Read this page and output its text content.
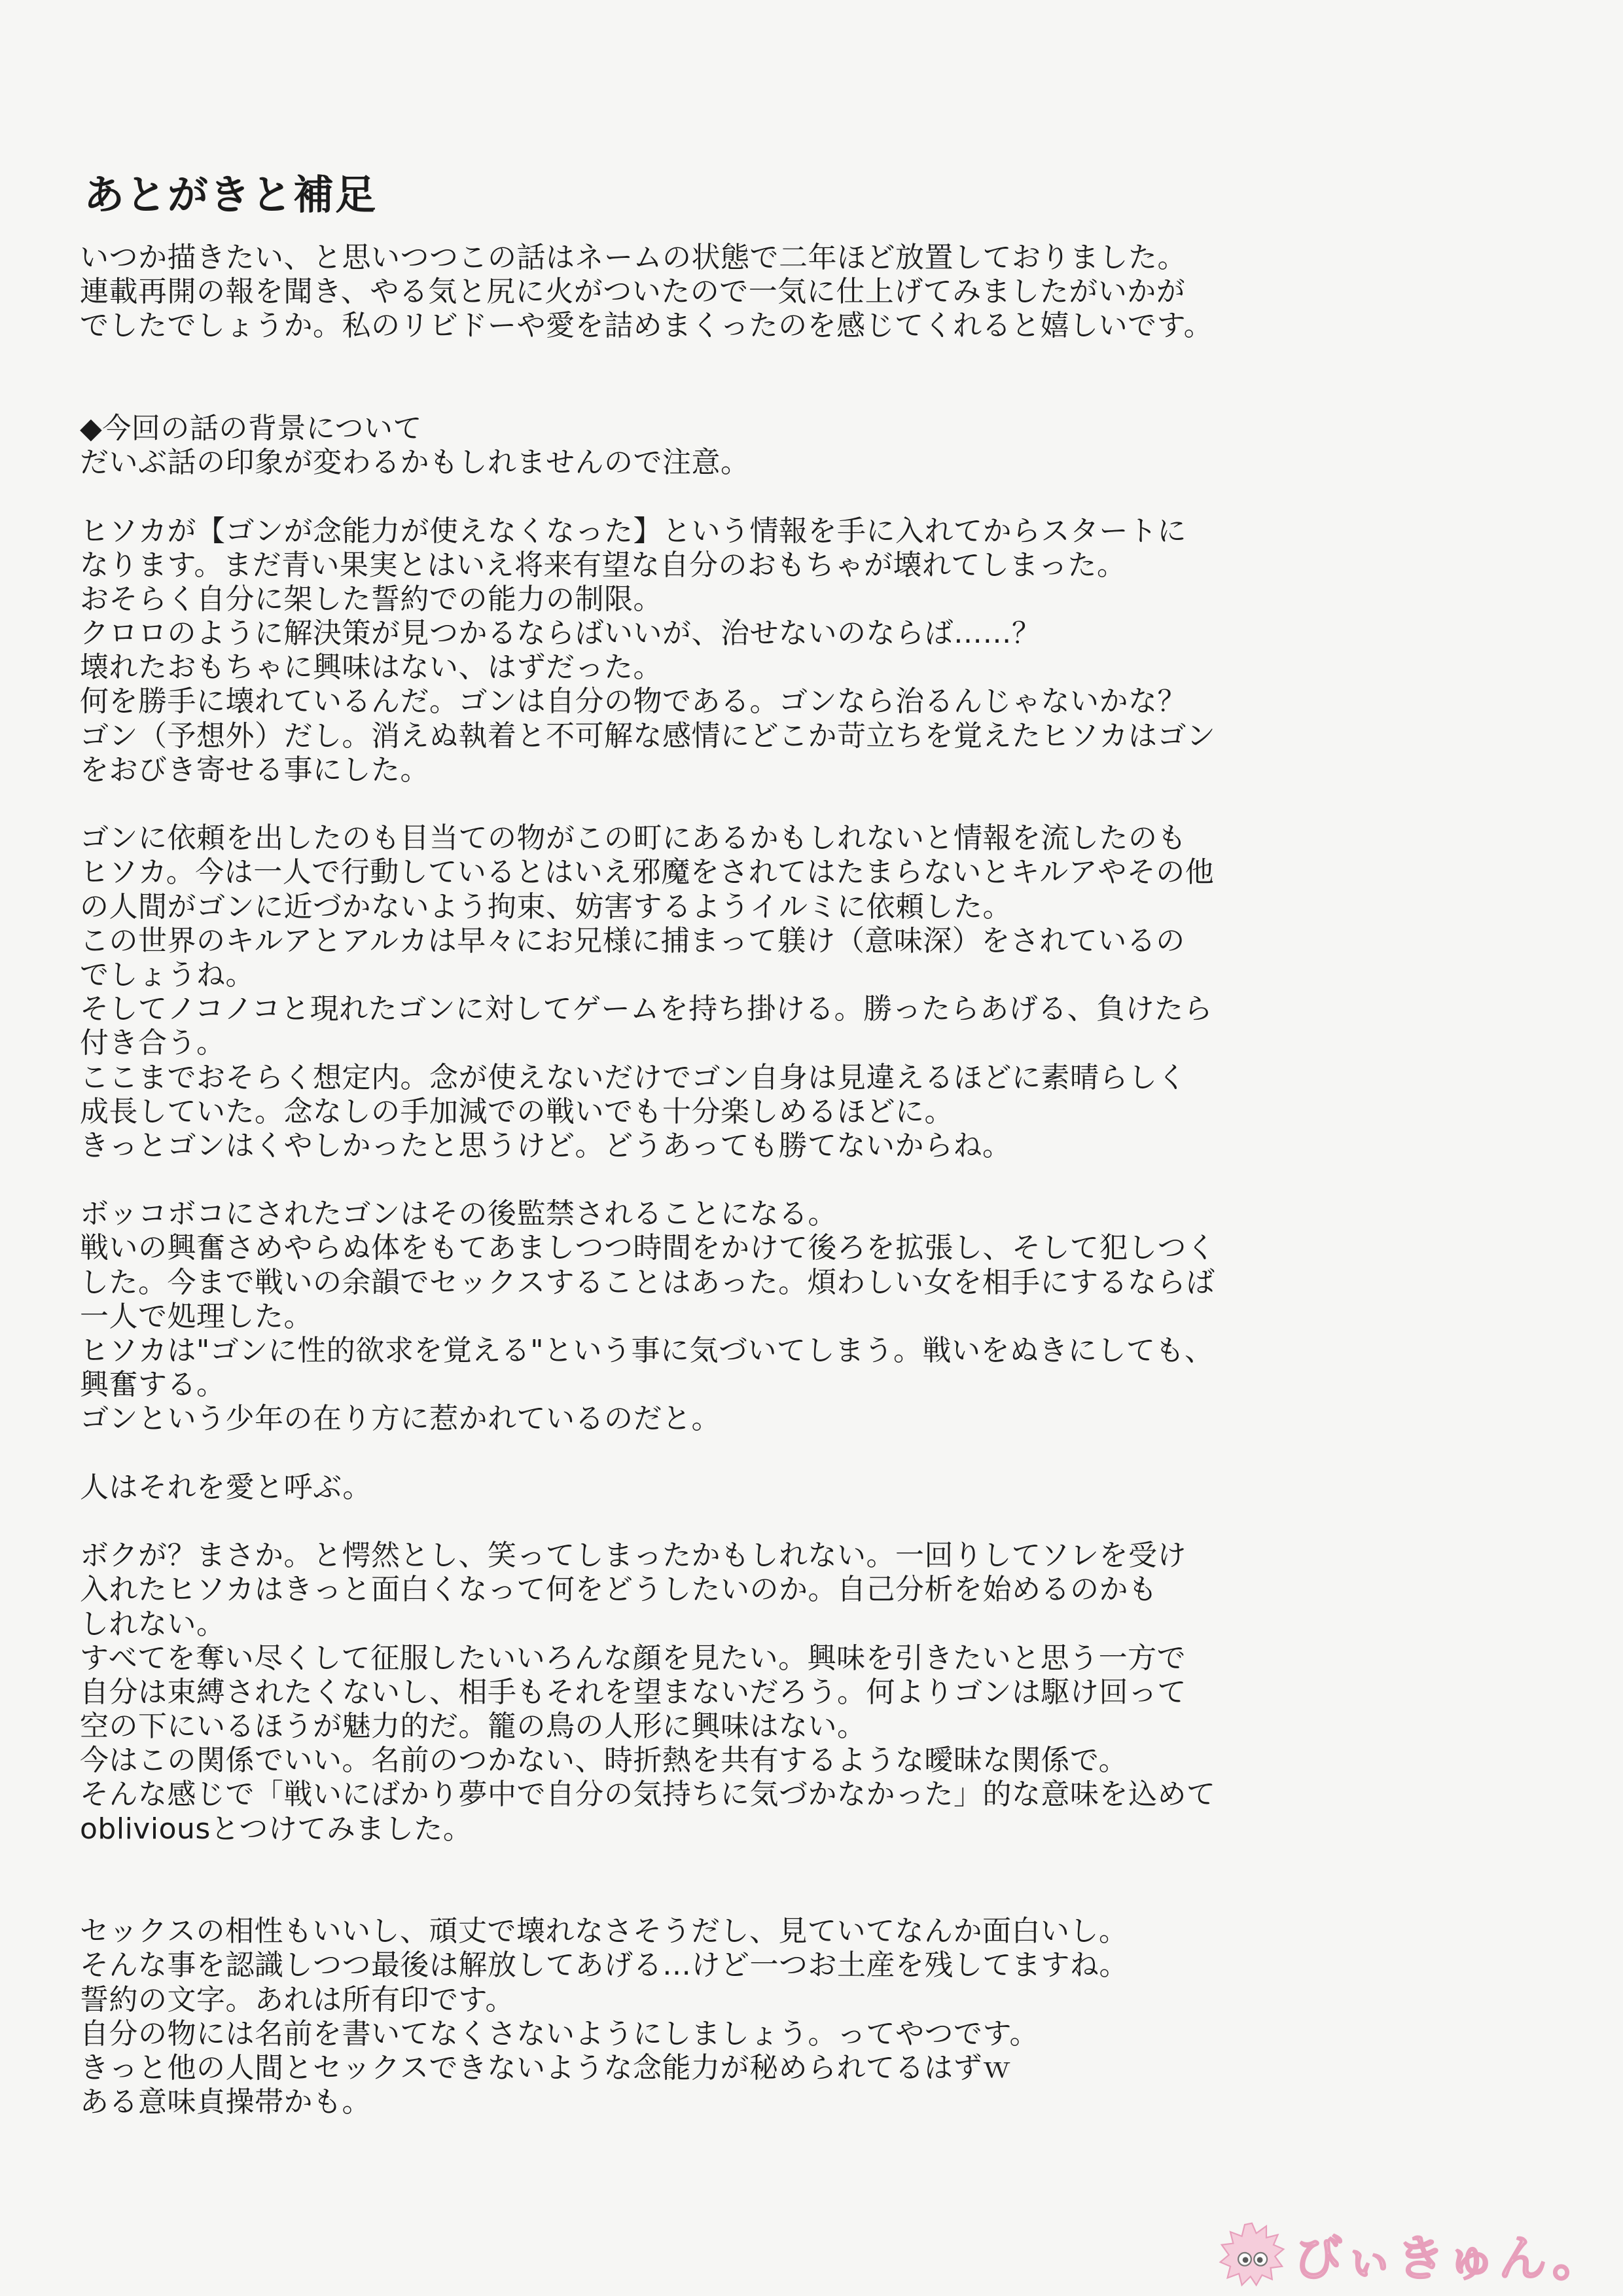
あとがきと補足
いつか描きたい、と思いつつこの話はネームの状態で二年ほど放置しておりました。
連載再開の報を聞き、やる気と尻に火がついたので一気に仕上げてみましたがいかが
でしたでしょうか。私のリビドーや愛を詰めまくったのを感じてくれると嬉しいです。
◆今回の話の背景について
だいぶ話の印象が変わるかもしれませんので注意。
ヒソカが【ゴンが念能力が使えなくなった】という情報を手に入れてからスタートに
なります。まだ青い果実とはいえ将来有望な自分のおもちゃが壊れてしまった。
おそらく自分に架した誓約での能力の制限。
クロロのように解決策が見つかるならばいいが、治せないのならば……？
壊れたおもちゃに興味はない、はずだった。
何を勝手に壊れているんだ。ゴンは自分の物である。ゴンなら治るんじゃないかな？
ゴン（予想外）だし。消えぬ執着と不可解な感情にどこか苛立ちを覚えたヒソカはゴン
をおびき寄せる事にした。
ゴンに依頼を出したのも目当ての物がこの町にあるかもしれないと情報を流したのも
ヒソカ。今は一人で行動しているとはいえ邪魔をされてはたまらないとキルアやその他
の人間がゴンに近づかないよう拘束、妨害するようイルミに依頼した。
この世界のキルアとアルカは早々にお兄様に捕まって躾け（意味深）をされているの
でしょうね。
そしてノコノコと現れたゴンに対してゲームを持ち掛ける。勝ったらあげる、負けたら
付き合う。
ここまでおそらく想定内。念が使えないだけでゴン自身は見違えるほどに素晴らしく
成長していた。念なしの手加減での戦いでも十分楽しめるほどに。
きっとゴンはくやしかったと思うけど。どうあっても勝てないからね。
ボッコボコにされたゴンはその後監禁されることになる。
戦いの興奮さめやらぬ体をもてあましつつ時間をかけて後ろを拡張し、そして犯しつく
した。今まで戦いの余韻でセックスすることはあった。煩わしい女を相手にするならば
一人で処理した。
ヒソカは"ゴンに性的欲求を覚える"という事に気づいてしまう。戦いをぬきにしても、
興奮する。
ゴンという少年の在り方に惹かれているのだと。
人はそれを愛と呼ぶ。
ボクが？まさか。と愕然とし、笑ってしまったかもしれない。一回りしてソレを受け
入れたヒソカはきっと面白くなって何をどうしたいのか。自己分析を始めるのかも
しれない。
すべてを奪い尽くして征服したいいろんな顔を見たい。興味を引きたいと思う一方で
自分は束縛されたくないし、相手もそれを望まないだろう。何よりゴンは駆け回って
空の下にいるほうが魅力的だ。籠の鳥の人形に興味はない。
今はこの関係でいい。名前のつかない、時折熱を共有するような曖昧な関係で。
そんな感じで「戦いにばかり夢中で自分の気持ちに気づかなかった」的な意味を込めて
obliviousとつけてみました。
セックスの相性もいいし、頑丈で壊れなさそうだし、見ていてなんか面白いし。
そんな事を認識しつつ最後は解放してあげる…けど一つお土産を残してますね。
誓約の文字。あれは所有印です。
自分の物には名前を書いてなくさないようにしましょう。ってやつです。
きっと他の人間とセックスできないような念能力が秘められてるはずｗ
ある意味貞操帯かも。
びぃきゅん。
